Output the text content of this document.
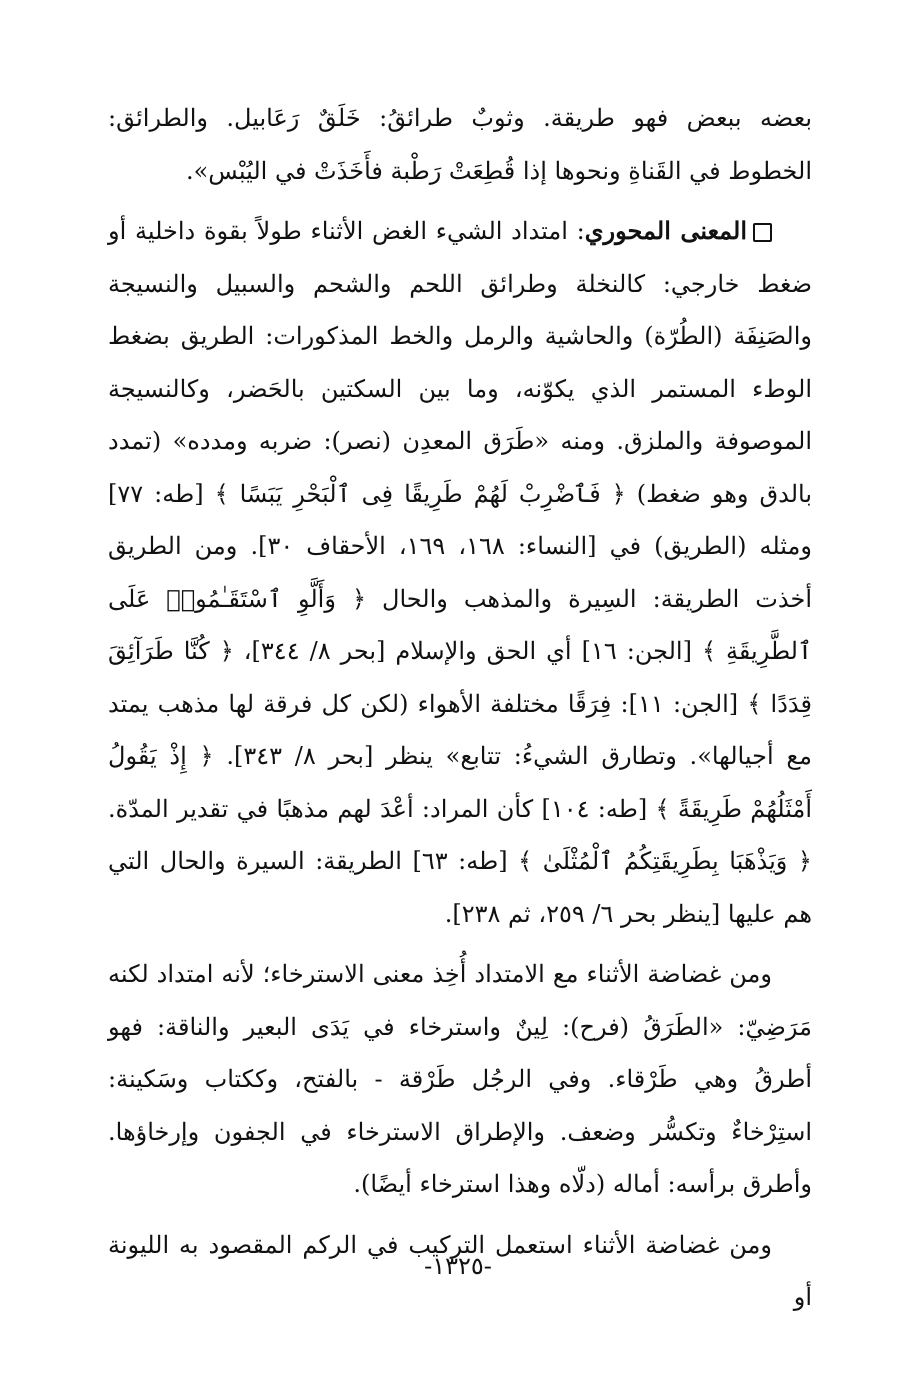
بعضه ببعض فهو طريقة. وثوبٌ طرائقُ: خَلَقٌ رَعَابيل. والطرائق: الخطوط في القَناةِ ونحوها إذا قُطِعَتْ رَطْبة فأَخَذَتْ في اليُبْس».

المعنى المحوري: امتداد الشيء الغض الأثناء طولاً بقوة داخلية أو ضغط خارجي: كالنخلة وطرائق اللحم والشحم والسبيل والنسيجة والصَنِفَة (الطُرّة) والحاشية والرمل والخط المذكورات: الطريق بضغط الوطء المستمر الذي يكوّنه، وما بين السكتين بالحَضر، وكالنسيجة الموصوفة والملزق. ومنه «طَرَق المعدِن (نصر): ضربه ومدده» (تمدد بالدق وهو ضغط) ﴿ فَٱضْرِبْ لَهُمْ طَرِيقًا فِى ٱلْبَحْرِ يَبَسًا ﴾ [طه: ٧٧] ومثله (الطريق) في [النساء: ١٦٨، ١٦٩، الأحقاف ٣٠]. ومن الطريق أخذت الطريقة: السِيرة والمذهب والحال ﴿ وَأَلَّوِ ٱسْتَقَـٰمُوا۟ عَلَى ٱلطَّرِيقَةِ ﴾ [الجن: ١٦] أي الحق والإسلام [بحر ٨/ ٣٤٤]، ﴿ كُنَّا طَرَآئِقَ قِدَدًا ﴾ [الجن: ١١]: فِرَقًا مختلفة الأهواء (لكن كل فرقة لها مذهب يمتد مع أجيالها». وتطارق الشيءُ: تتابع» ينظر [بحر ٨/ ٣٤٣]. ﴿ إِذْ يَقُولُ أَمْثَلُهُمْ طَرِيقَةً ﴾ [طه: ١٠٤] كأن المراد: أعْدَ لهم مذهبًا في تقدير المدّة. ﴿ وَيَذْهَبَا بِطَرِيقَتِكُمُ ٱلْمُثْلَىٰ ﴾ [طه: ٦٣] الطريقة: السيرة والحال التي هم عليها [ينظر بحر ٦/ ٢٥٩، ثم ٢٣٨].

ومن غضاضة الأثناء مع الامتداد أُخِذ معنى الاسترخاء؛ لأنه امتداد لكنه مَرَضِيّ: «الطَرَقُ (فرح): لِينٌ واسترخاء في يَدَى البعير والناقة: فهو أطرقُ وهي طَرْقاء. وفي الرجُل طَرْقة - بالفتح، وككتاب وسَكينة: استِرْخاءٌ وتكسُّر وضعف. والإطراق الاسترخاء في الجفون وإرخاؤها. وأطرق برأسه: أماله (دلّاه وهذا استرخاء أيضًا).

ومن غضاضة الأثناء استعمل التركيب في الركم المقصود به الليونة أو

-١٣٢٥-
